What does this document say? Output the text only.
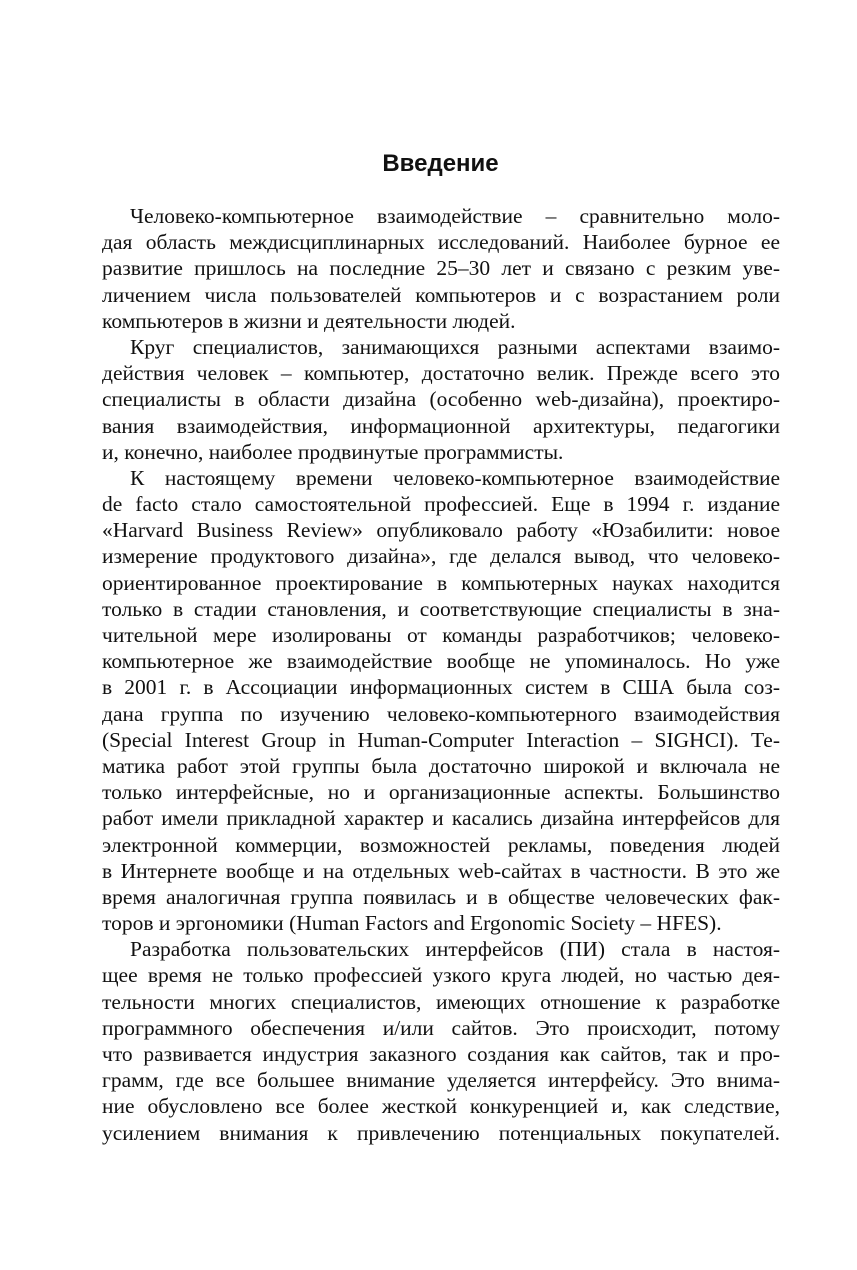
Введение
Человеко-компьютерное взаимодействие – сравнительно моло-
дая область междисциплинарных исследований. Наиболее бурное ее
развитие пришлось на последние 25–30 лет и связано с резким уве-
личением числа пользователей компьютеров и с возрастанием роли
компьютеров в жизни и деятельности людей.
Круг специалистов, занимающихся разными аспектами взаимо-
действия человек – компьютер, достаточно велик. Прежде всего это
специалисты в области дизайна (особенно web-дизайна), проектиро-
вания взаимодействия, информационной архитектуры, педагогики
и, конечно, наиболее продвинутые программисты.
К настоящему времени человеко-компьютерное взаимодействие
de facto стало самостоятельной профессией. Еще в 1994 г. издание
«Harvard Business Review» опубликовало работу «Юзабилити: новое
измерение продуктового дизайна», где делался вывод, что человеко-
ориентированное проектирование в компьютерных науках находится
только в стадии становления, и соответствующие специалисты в зна-
чительной мере изолированы от команды разработчиков; человеко-
компьютерное же взаимодействие вообще не упоминалось. Но уже
в 2001 г. в Ассоциации информационных систем в США была соз-
дана группа по изучению человеко-компьютерного взаимодействия
(Special Interest Group in Human-Computer Interaction – SIGHCI). Те-
матика работ этой группы была достаточно широкой и включала не
только интерфейсные, но и организационные аспекты. Большинство
работ имели прикладной характер и касались дизайна интерфейсов для
электронной коммерции, возможностей рекламы, поведения людей
в Интернете вообще и на отдельных web-сайтах в частности. В это же
время аналогичная группа появилась и в обществе человеческих фак-
торов и эргономики (Human Factors and Ergonomic Society – HFES).
Разработка пользовательских интерфейсов (ПИ) стала в настоя-
щее время не только профессией узкого круга людей, но частью дея-
тельности многих специалистов, имеющих отношение к разработке
программного обеспечения и/или сайтов. Это происходит, потому
что развивается индустрия заказного создания как сайтов, так и про-
грамм, где все большее внимание уделяется интерфейсу. Это внима-
ние обусловлено все более жесткой конкуренцией и, как следствие,
усилением внимания к привлечению потенциальных покупателей.
